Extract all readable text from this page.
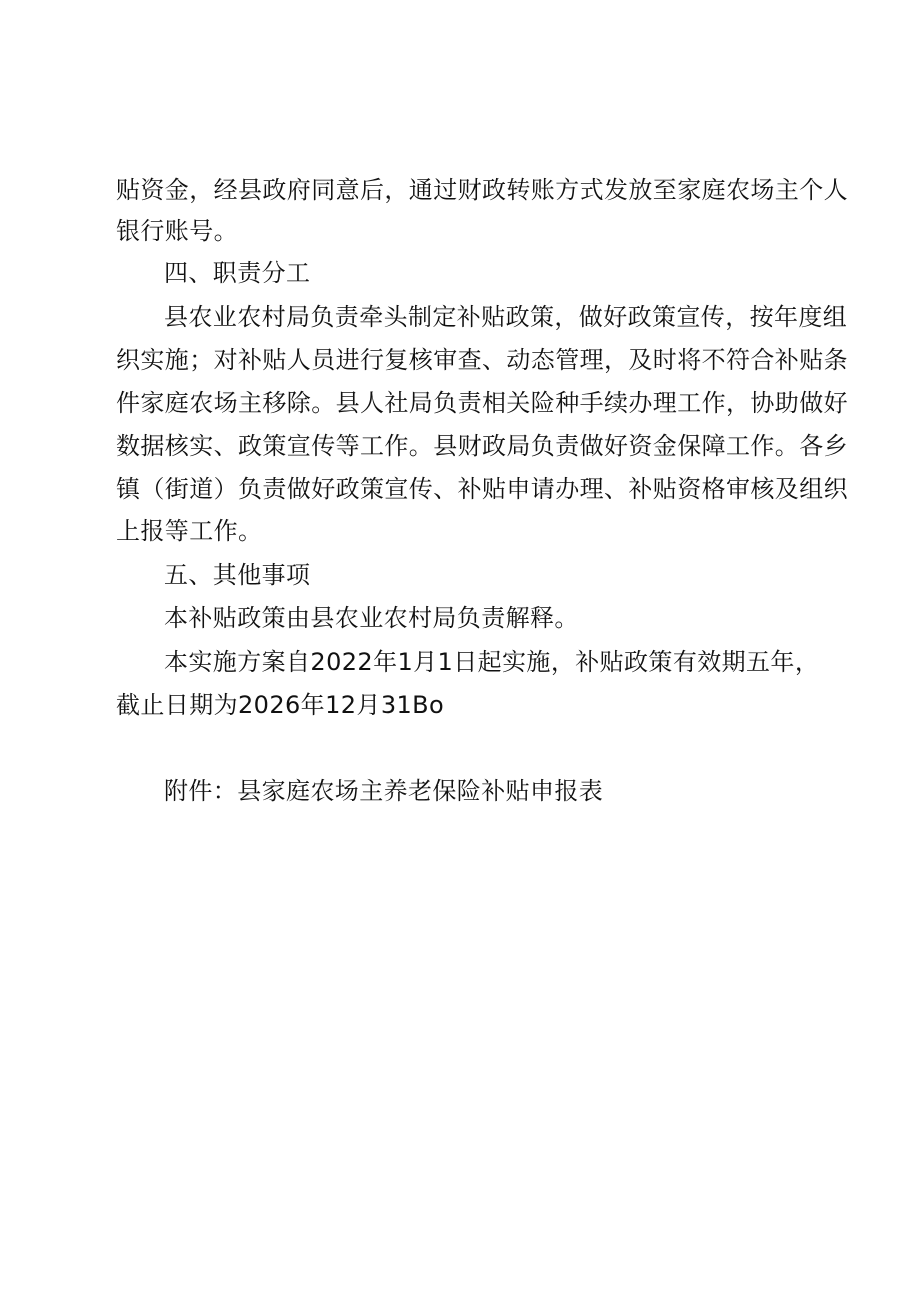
贴资金，经县政府同意后，通过财政转账方式发放至家庭农场主个人

银行账号。

四、职责分工

县农业农村局负责牵头制定补贴政策，做好政策宣传，按年度组

织实施；对补贴人员进行复核审查、动态管理，及时将不符合补贴条

件家庭农场主移除。县人社局负责相关险种手续办理工作，协助做好

数据核实、政策宣传等工作。县财政局负责做好资金保障工作。各乡

镇（街道）负责做好政策宣传、补贴申请办理、补贴资格审核及组织

上报等工作。

五、其他事项

本补贴政策由县农业农村局负责解释。

本实施方案自2022年1月1日起实施，补贴政策有效期五年，

截止日期为2026年12月31Bo

附件：县家庭农场主养老保险补贴申报表
